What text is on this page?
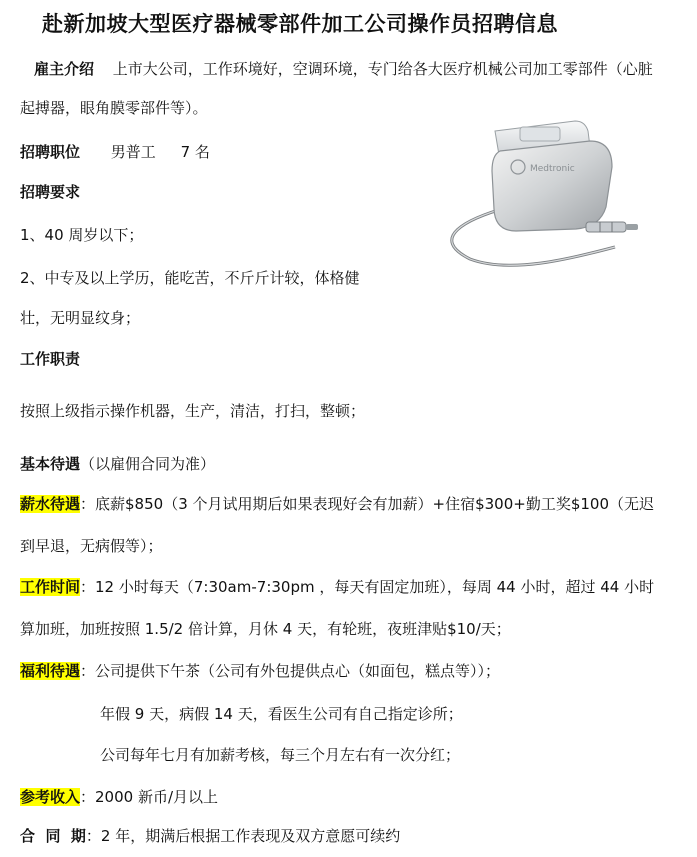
赴新加坡大型医疗器械零部件加工公司操作员招聘信息
雇主介绍 上市大公司，工作环境好，空调环境，专门给各大医疗机械公司加工零部件（心脏
起搏器，眼角膜零部件等）。
Medtronic
招聘职位 男普工 7 名
招聘要求
1、40 周岁以下；
2、中专及以上学历，能吃苦，不斤斤计较，体格健
壮，无明显纹身；
工作职责
按照上级指示操作机器，生产，清洁，打扫，整顿；
基本待遇（以雇佣合同为准）
薪水待遇：底薪$850（3 个月试用期后如果表现好会有加薪）+住宿$300+勤工奖$100（无迟
到早退，无病假等）；
工作时间：12 小时每天（7:30am-7:30pm ，每天有固定加班），每周 44 小时，超过 44 小时
算加班，加班按照 1.5/2 倍计算，月休 4 天，有轮班，夜班津贴$10/天；
福利待遇：公司提供下午茶（公司有外包提供点心（如面包，糕点等））；
年假 9 天，病假 14 天，看医生公司有自己指定诊所；
公司每年七月有加薪考核，每三个月左右有一次分红；
参考收入：2000 新币/月以上
合  同  期：2 年，期满后根据工作表现及双方意愿可续约
